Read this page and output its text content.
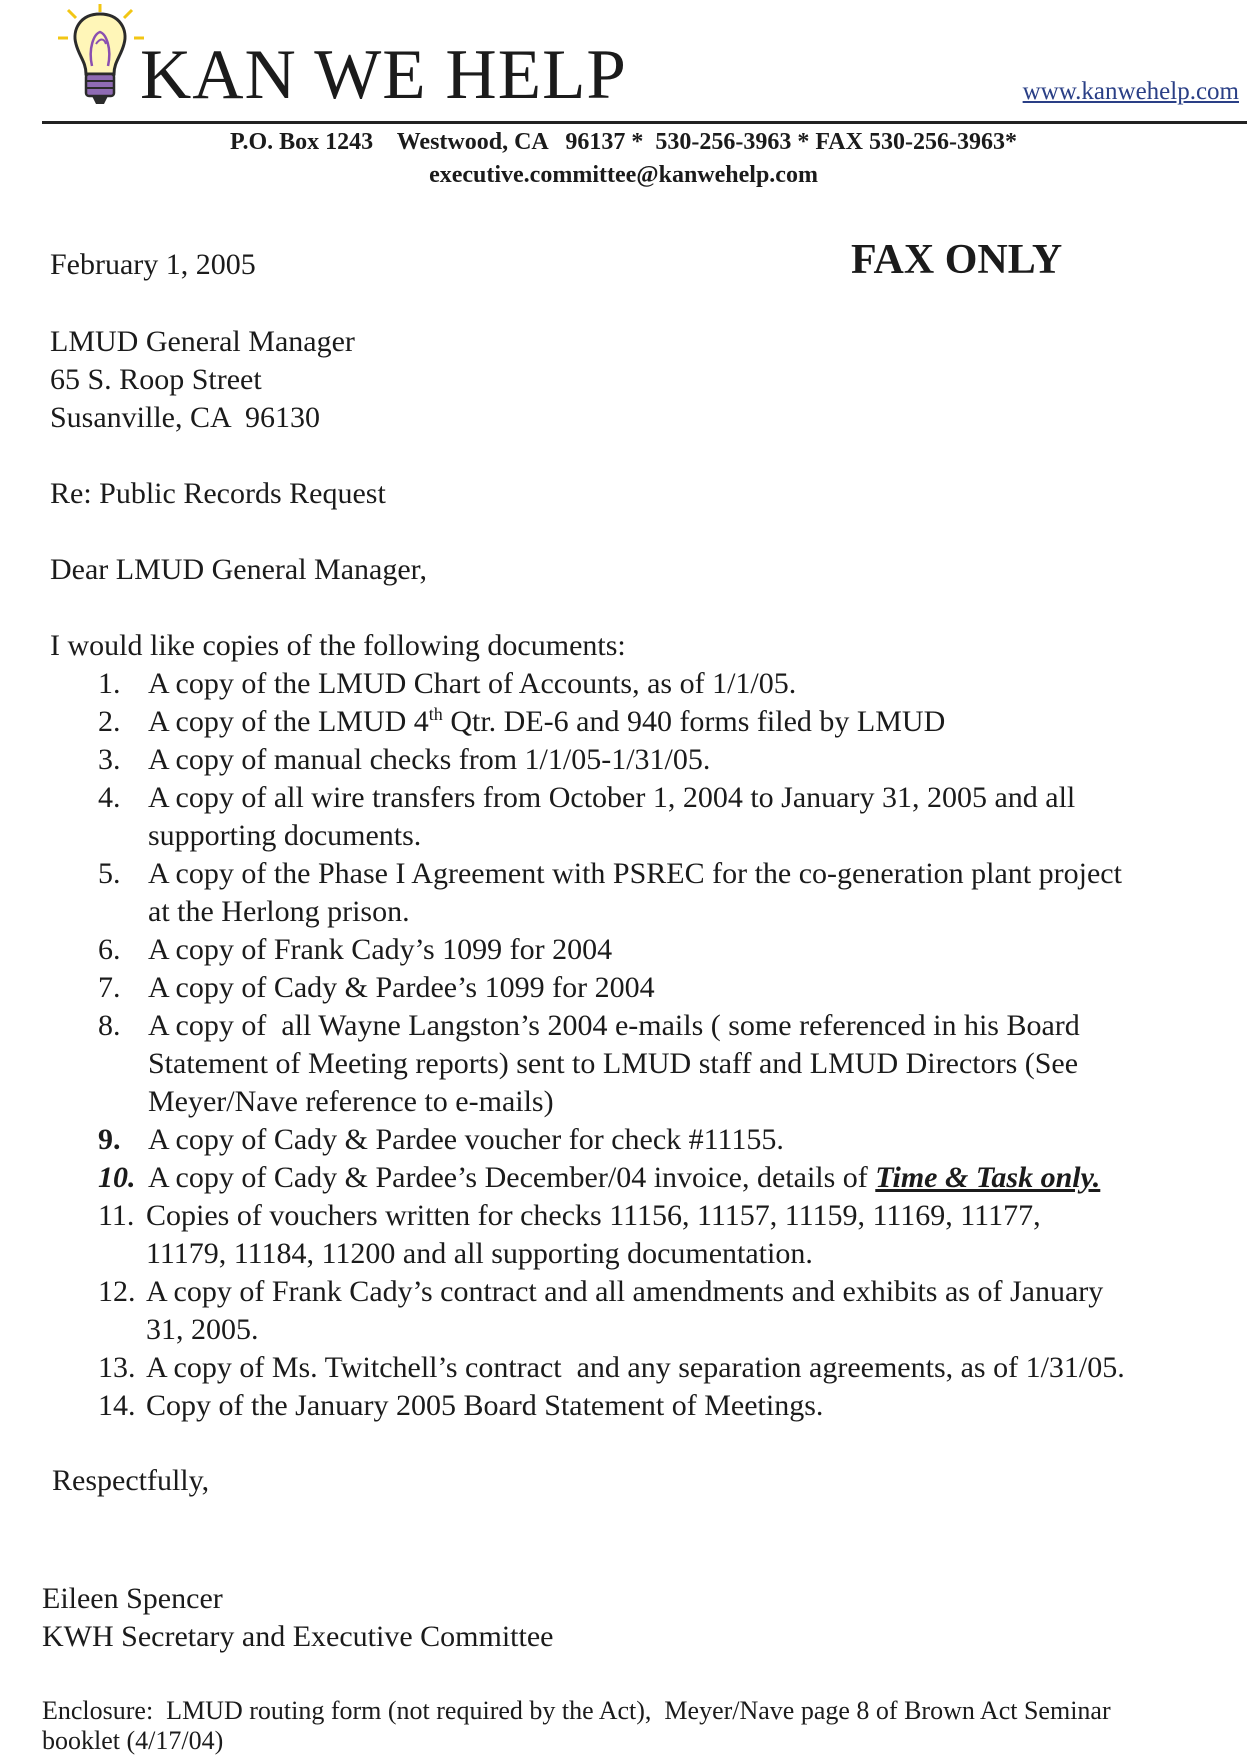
KAN WE HELP	www.kanwehelp.com
P.O. Box 1243    Westwood, CA   96137 *  530-256-3963 * FAX 530-256-3963*
executive.committee@kanwehelp.com
February 1, 2005	FAX ONLY
LMUD General Manager
65 S. Roop Street
Susanville, CA  96130
Re: Public Records Request
Dear LMUD General Manager,
I would like copies of the following documents:
1. A copy of the LMUD Chart of Accounts, as of 1/1/05.
2. A copy of the LMUD 4th Qtr. DE-6 and 940 forms filed by LMUD
3. A copy of manual checks from 1/1/05-1/31/05.
4. A copy of all wire transfers from October 1, 2004 to January 31, 2005 and all
supporting documents.
5. A copy of the Phase I Agreement with PSREC for the co-generation plant project
at the Herlong prison.
6. A copy of Frank Cady’s 1099 for 2004
7. A copy of Cady & Pardee’s 1099 for 2004
8. A copy of  all Wayne Langston’s 2004 e-mails ( some referenced in his Board
Statement of Meeting reports) sent to LMUD staff and LMUD Directors (See
Meyer/Nave reference to e-mails)
9. A copy of Cady & Pardee voucher for check #11155.
10. A copy of Cady & Pardee’s December/04 invoice, details of Time & Task only.
11. Copies of vouchers written for checks 11156, 11157, 11159, 11169, 11177,
11179, 11184, 11200 and all supporting documentation.
12. A copy of Frank Cady’s contract and all amendments and exhibits as of January
31, 2005.
13. A copy of Ms. Twitchell’s contract  and any separation agreements, as of 1/31/05.
14. Copy of the January 2005 Board Statement of Meetings.
Respectfully,
Eileen Spencer
KWH Secretary and Executive Committee
Enclosure:  LMUD routing form (not required by the Act),  Meyer/Nave page 8 of Brown Act Seminar
booklet (4/17/04)
